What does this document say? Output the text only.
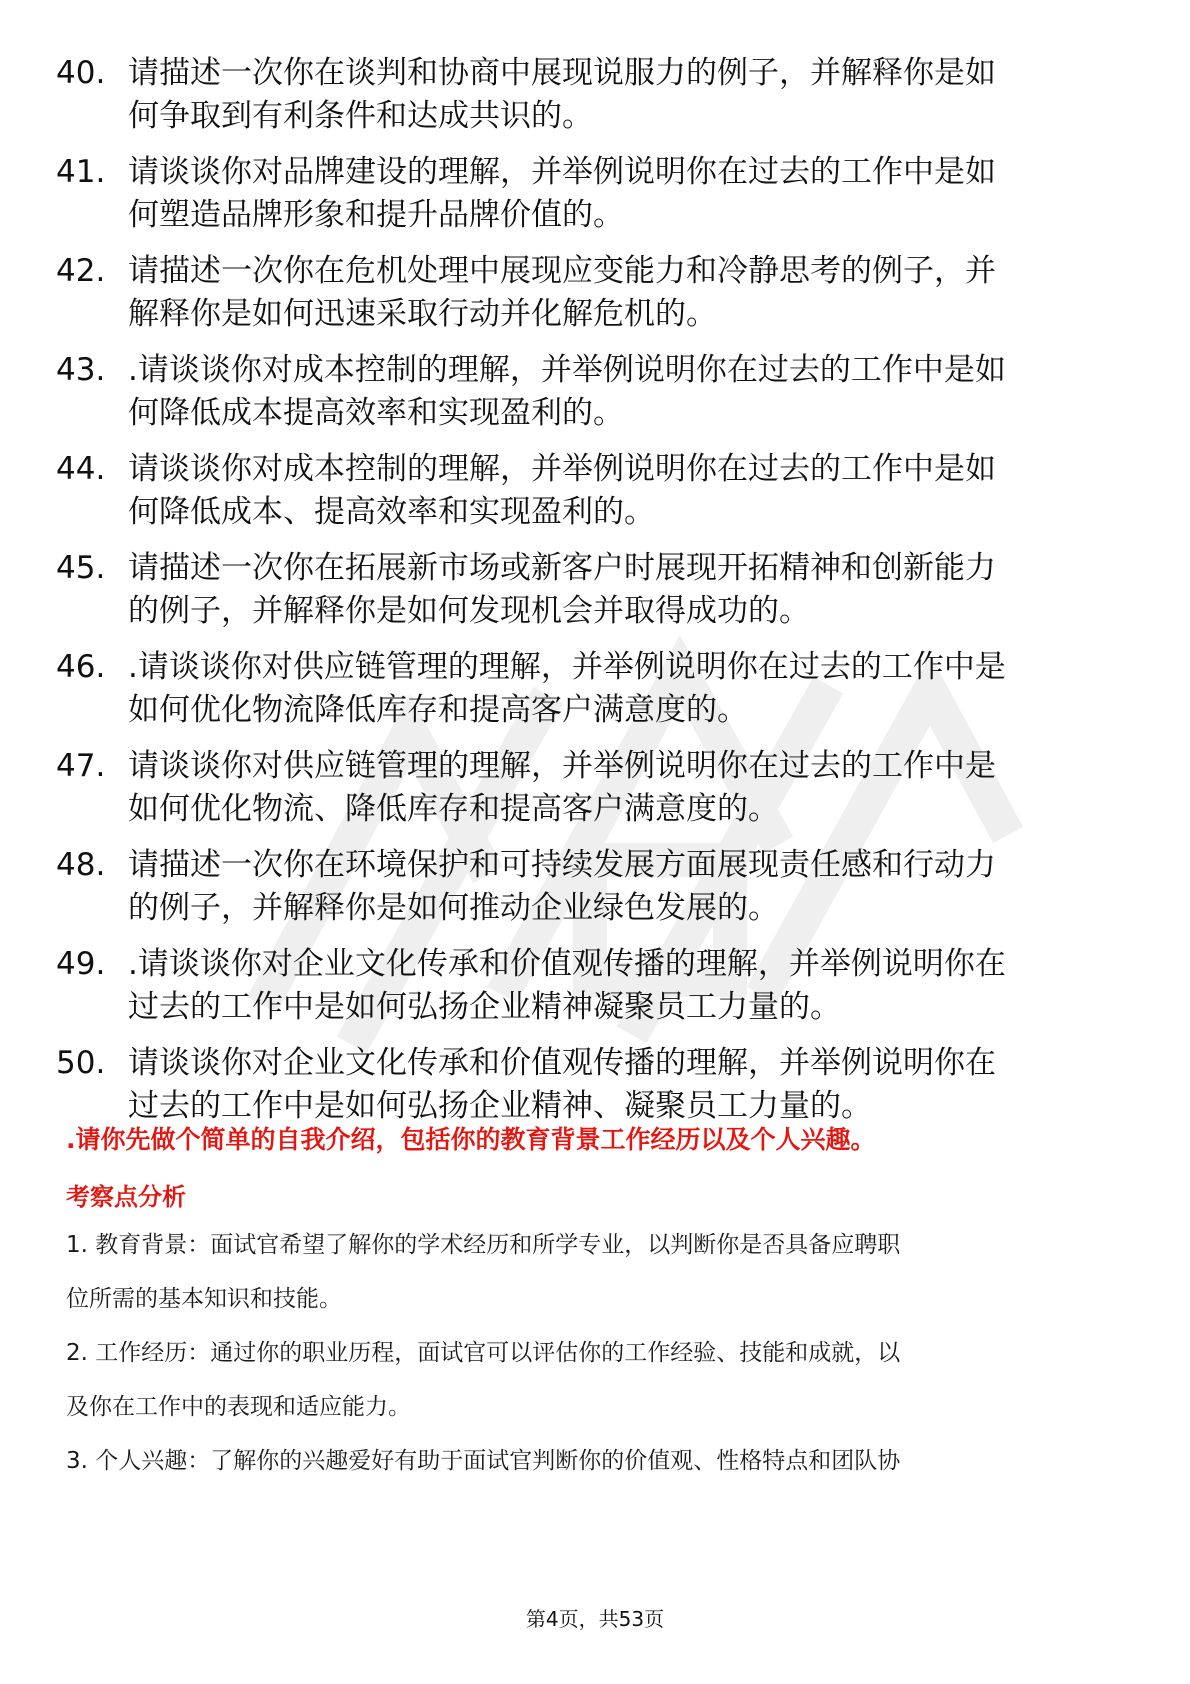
40. 请描述一次你在谈判和协商中展现说服力的例子，并解释你是如
何争取到有利条件和达成共识的。
41. 请谈谈你对品牌建设的理解，并举例说明你在过去的工作中是如
何塑造品牌形象和提升品牌价值的。
42. 请描述一次你在危机处理中展现应变能力和冷静思考的例子，并
解释你是如何迅速采取行动并化解危机的。
43. .请谈谈你对成本控制的理解，并举例说明你在过去的工作中是如
何降低成本提高效率和实现盈利的。
44. 请谈谈你对成本控制的理解，并举例说明你在过去的工作中是如
何降低成本、提高效率和实现盈利的。
45. 请描述一次你在拓展新市场或新客户时展现开拓精神和创新能力
的例子，并解释你是如何发现机会并取得成功的。
46. .请谈谈你对供应链管理的理解，并举例说明你在过去的工作中是
如何优化物流降低库存和提高客户满意度的。
47. 请谈谈你对供应链管理的理解，并举例说明你在过去的工作中是
如何优化物流、降低库存和提高客户满意度的。
48. 请描述一次你在环境保护和可持续发展方面展现责任感和行动力
的例子，并解释你是如何推动企业绿色发展的。
49. .请谈谈你对企业文化传承和价值观传播的理解，并举例说明你在
过去的工作中是如何弘扬企业精神凝聚员工力量的。
50. 请谈谈你对企业文化传承和价值观传播的理解，并举例说明你在
过去的工作中是如何弘扬企业精神、凝聚员工力量的。
.请你先做个简单的自我介绍，包括你的教育背景工作经历以及个人兴趣。
考察点分析
1. 教育背景：面试官希望了解你的学术经历和所学专业，以判断你是否具备应聘职
位所需的基本知识和技能。
2. 工作经历：通过你的职业历程，面试官可以评估你的工作经验、技能和成就，以
及你在工作中的表现和适应能力。
3. 个人兴趣：了解你的兴趣爱好有助于面试官判断你的价值观、性格特点和团队协
第4页，共53页
